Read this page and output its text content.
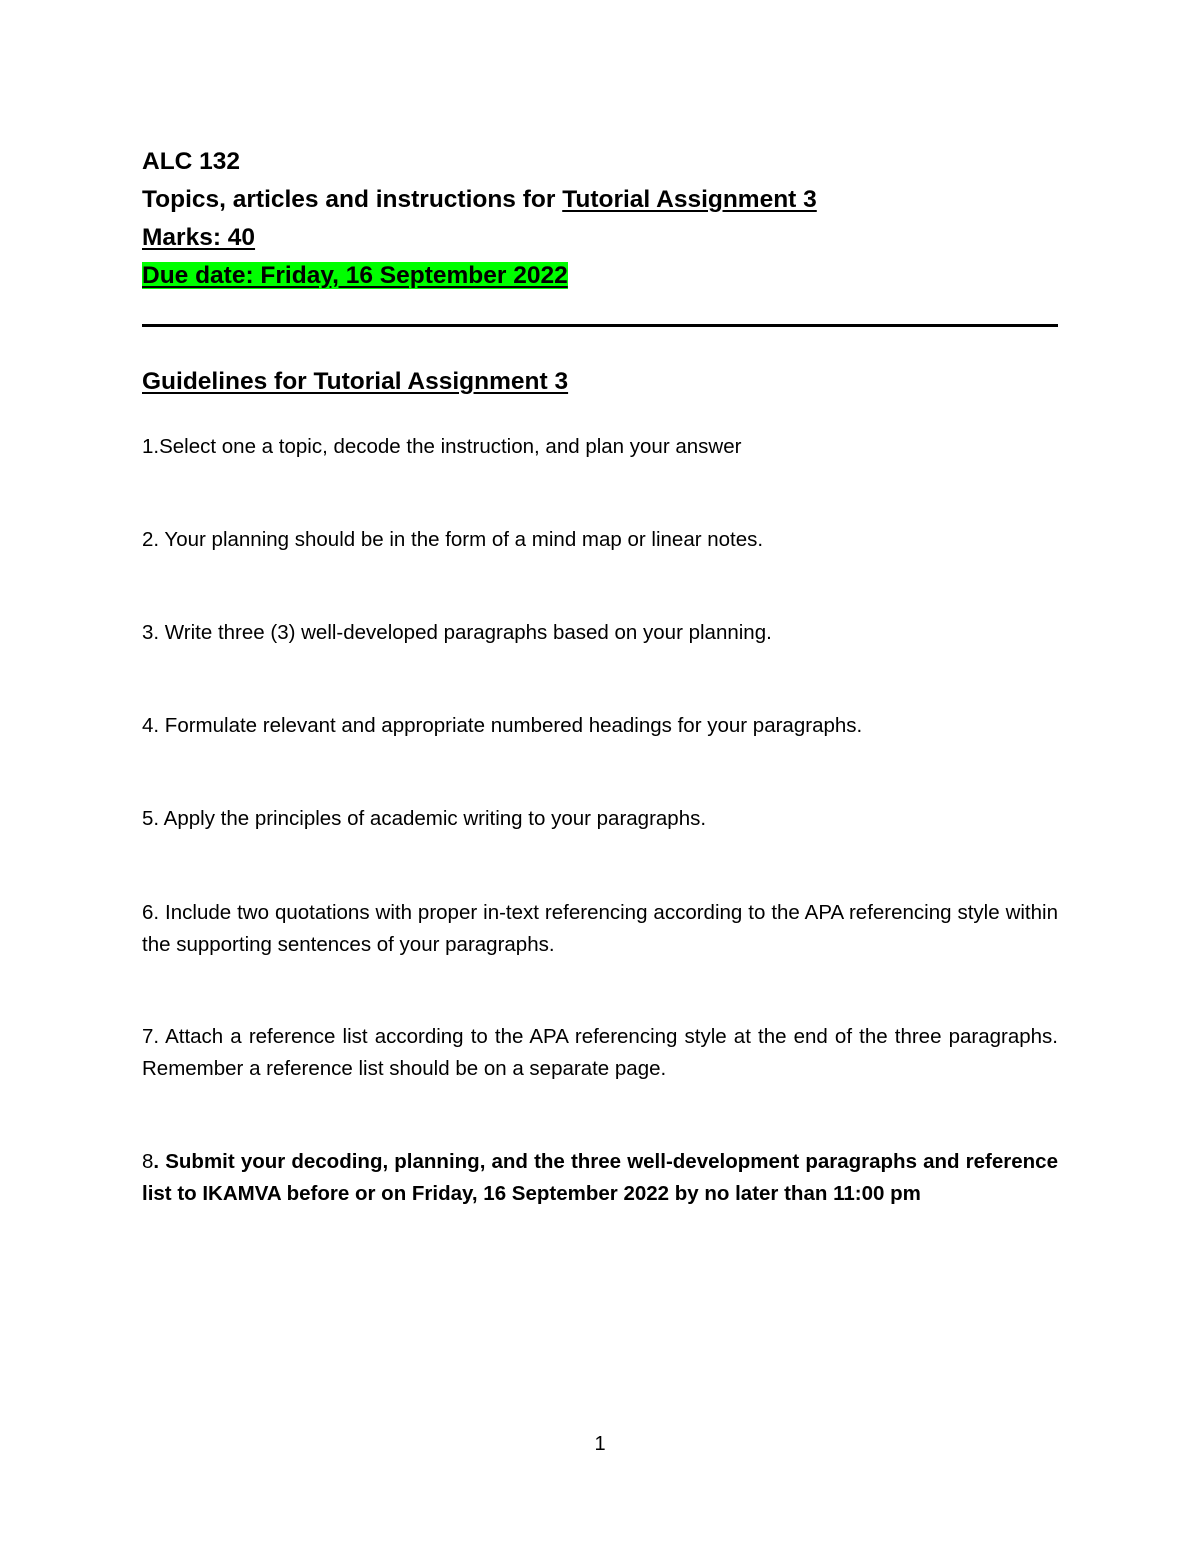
ALC 132
Topics, articles and instructions for Tutorial Assignment 3
Marks: 40
Due date: Friday, 16 September 2022
Guidelines for Tutorial Assignment 3
1.Select one a topic, decode the instruction, and plan your answer
2. Your planning should be in the form of a mind map or linear notes.
3. Write three (3) well-developed paragraphs based on your planning.
4. Formulate relevant and appropriate numbered headings for your paragraphs.
5. Apply the principles of academic writing to your paragraphs.
6. Include two quotations with proper in-text referencing according to the APA referencing style within the supporting sentences of your paragraphs.
7. Attach a reference list according to the APA referencing style at the end of the three paragraphs. Remember a reference list should be on a separate page.
8. Submit your decoding, planning, and the three well-development paragraphs and reference list to IKAMVA before or on Friday, 16 September 2022 by no later than 11:00 pm
1
